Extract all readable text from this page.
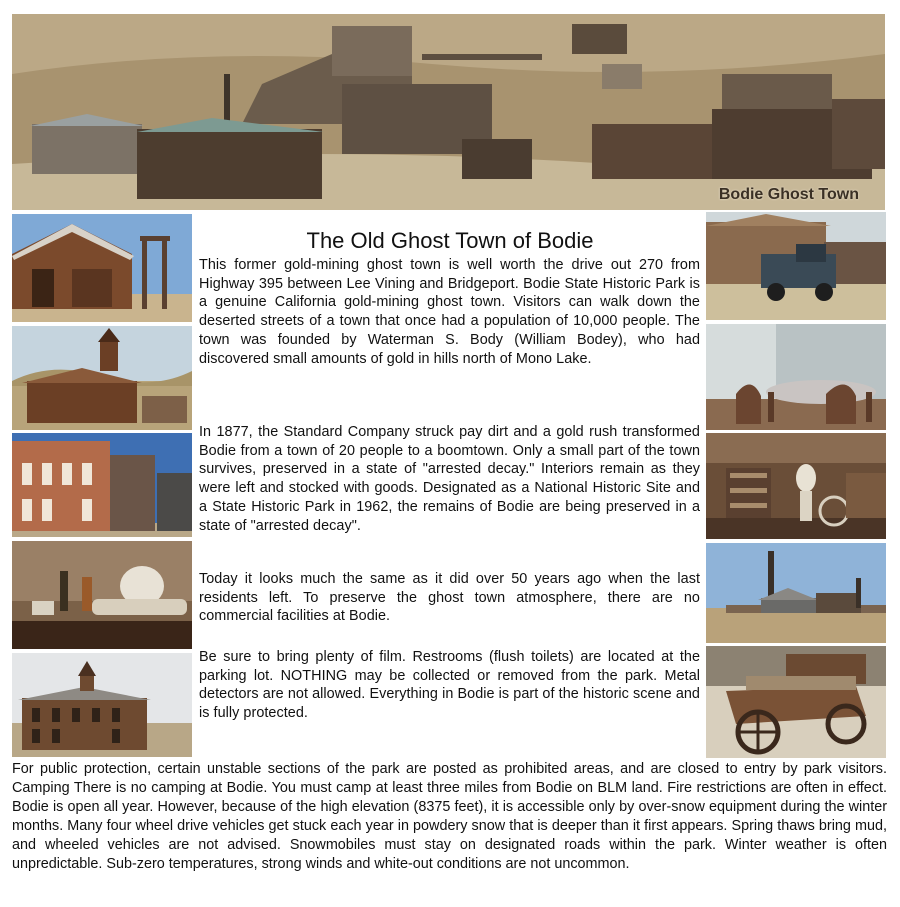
Bodie Ghost Town
The Old Ghost Town of Bodie

This former gold-mining ghost town is well worth the drive out 270 from Highway 395 between Lee Vining and Bridgeport. Bodie State Historic Park is a genuine California gold-mining ghost town. Visitors can walk down the deserted streets of a town that once had a population of 10,000 people. The town was founded by Waterman S. Body (William Bodey), who had discovered small amounts of gold in hills north of Mono Lake.

In 1877, the Standard Company struck pay dirt and a gold rush transformed Bodie from a town of 20 people to a boomtown. Only a small part of the town survives, preserved in a state of "arrested decay." Interiors remain as they were left and stocked with goods. Designated as a National Historic Site and a State Historic Park in 1962, the remains of Bodie are being preserved in a state of "arrested decay".

Today it looks much the same as it did over 50 years ago when the last residents left. To preserve the ghost town atmosphere, there are no commercial facilities at Bodie.

Be sure to bring plenty of film. Restrooms (flush toilets) are located at the parking lot. NOTHING may be collected or removed from the park. Metal detectors are not allowed. Everything in Bodie is part of the historic scene and is fully protected.

For public protection, certain unstable sections of the park are posted as prohibited areas, and are closed to entry by park visitors. Camping There is no camping at Bodie. You must camp at least three miles from Bodie on BLM land. Fire restrictions are often in effect. Bodie is open all year. However, because of the high elevation (8375 feet), it is accessible only by over-snow equipment during the winter months. Many four wheel drive vehicles get stuck each year in powdery snow that is deeper than it first appears. Spring thaws bring mud, and wheeled vehicles are not advised. Snowmobiles must stay on designated roads within the park. Winter weather is often unpredictable. Sub-zero temperatures, strong winds and white-out conditions are not uncommon.
